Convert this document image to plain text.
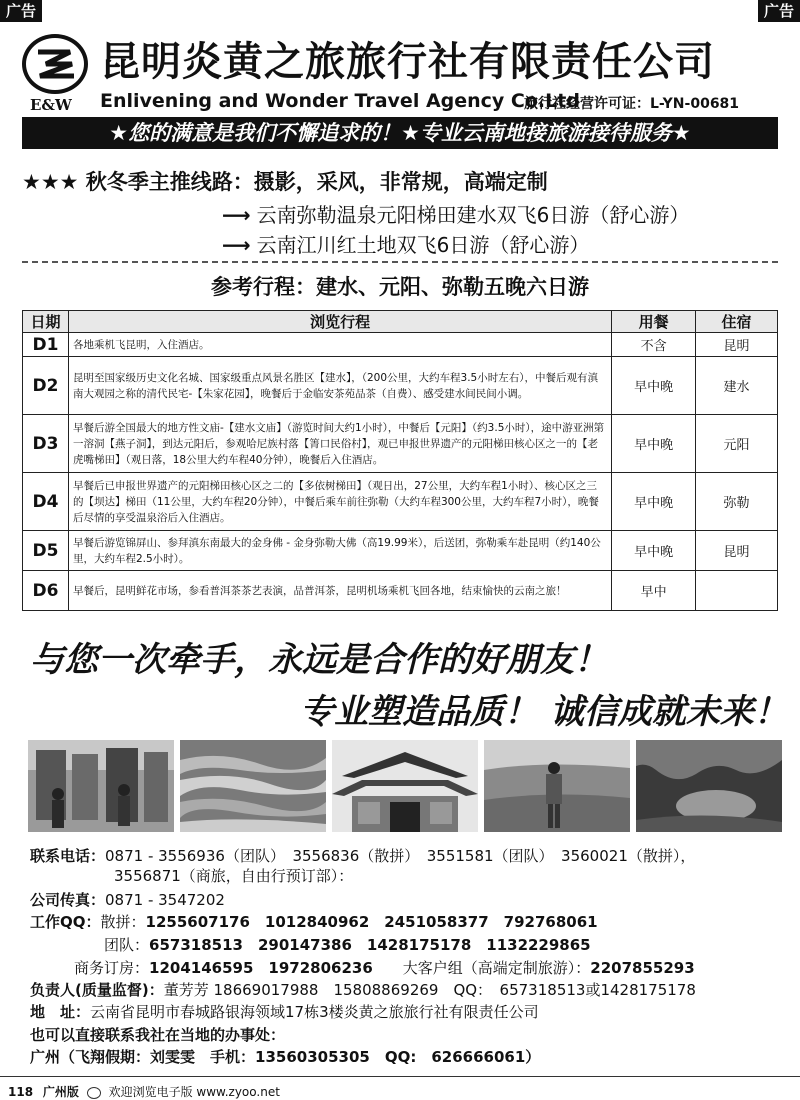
广告	广告
E&W
昆明炎黄之旅旅行社有限责任公司
Enlivening and Wonder Travel Agency Co.Ltd
旅行社经营许可证：L-YN-00681
★您的满意是我们不懈追求的！★专业云南地接旅游接待服务★
★★★ 秋冬季主推线路：摄影，采风，非常规，高端定制
⟶ 云南弥勒温泉元阳梯田建水双飞6日游（舒心游）
⟶ 云南江川红土地双飞6日游（舒心游）
参考行程：建水、元阳、弥勒五晚六日游
日期	浏览行程	用餐	住宿
D1	各地乘机飞昆明，入住酒店。	不含	昆明
D2	昆明至国家级历史文化名城、国家级重点风景名胜区【建水】，（200公里，大约车程3.5小时左右），中餐后观有滇南大观园之称的清代民宅-【朱家花园】，晚餐后于金临安茶苑品茶（自费）、感受建水间民间小调。	早中晚	建水
D3	早餐后游全国最大的地方性文庙-【建水文庙】（游览时间大约1小时），中餐后【元阳】（约3.5小时），途中游亚洲第一溶洞【燕子洞】，到达元阳后，参观哈尼族村落【箐口民俗村】，观已申报世界遗产的元阳梯田核心区之一的【老虎嘴梯田】（观日落，18公里大约车程40分钟），晚餐后入住酒店。	早中晚	元阳
D4	早餐后已申报世界遗产的元阳梯田核心区之二的【多依树梯田】（观日出，27公里，大约车程1小时）、核心区之三的【坝达】梯田（11公里，大约车程20分钟），中餐后乘车前往弥勒（大约车程300公里，大约车程7小时），晚餐后尽情的享受温泉浴后入住酒店。	早中晚	弥勒
D5	早餐后游览锦屏山、参拜滇东南最大的金身佛 - 金身弥勒大佛（高19.99米），后送团，弥勒乘车赴昆明（约140公里，大约车程2.5小时）。	早中晚	昆明
D6	早餐后，昆明鲜花市场，参看普洱茶茶艺表演，品普洱茶，昆明机场乘机飞回各地，结束愉快的云南之旅！	早中	
与您一次牵手，永远是合作的好朋友！
专业塑造品质！ 诚信成就未来！
联系电话：0871 - 3556936（团队）　3556836（散拼）　3551581（团队）　3560021（散拼），
3556871（商旅，自由行预订部）：
公司传真：0871 - 3547202
工作QQ：散拼：1255607176　1012840962　2451058377　792768061
团队：657318513　290147386　1428175178　1132229865
商务订房：1204146595　1972806236　　 大客户组（高端定制旅游）：2207855293
负责人(质量监督)：董芳芳 18669017988　15808869269　QQ：　657318513或1428175178
地　址：云南省昆明市春城路银海领域17栋3楼炎黄之旅旅行社有限责任公司
也可以直接联系我社在当地的办事处：
广州（飞翔假期：刘雯雯　 手机：13560305305　QQ:　626666061）
118 广州版 欢迎浏览电子版 www.zyoo.net
